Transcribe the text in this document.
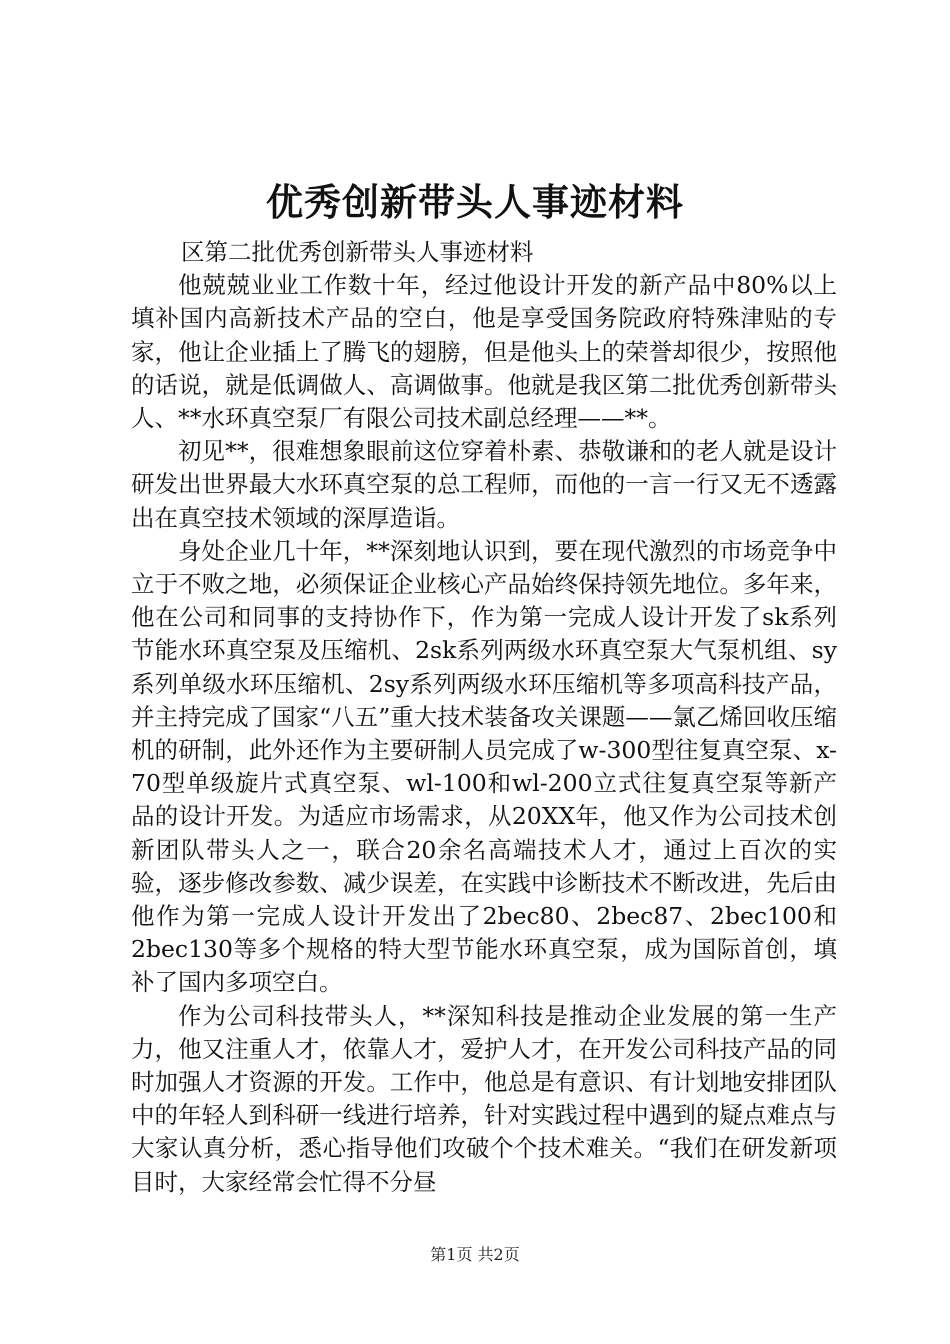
优秀创新带头人事迹材料

区第二批优秀创新带头人事迹材料

他兢兢业业工作数十年，经过他设计开发的新产品中80%以上填补国内高新技术产品的空白，他是享受国务院政府特殊津贴的专家，他让企业插上了腾飞的翅膀，但是他头上的荣誉却很少，按照他的话说，就是低调做人、高调做事。他就是我区第二批优秀创新带头人、**水环真空泵厂有限公司技术副总经理——**。

初见**，很难想象眼前这位穿着朴素、恭敬谦和的老人就是设计研发出世界最大水环真空泵的总工程师，而他的一言一行又无不透露出在真空技术领域的深厚造诣。

身处企业几十年，**深刻地认识到，要在现代激烈的市场竞争中立于不败之地，必须保证企业核心产品始终保持领先地位。多年来，他在公司和同事的支持协作下，作为第一完成人设计开发了sk系列节能水环真空泵及压缩机、2sk系列两级水环真空泵大气泵机组、sy系列单级水环压缩机、2sy系列两级水环压缩机等多项高科技产品，并主持完成了国家“八五”重大技术装备攻关课题——氯乙烯回收压缩机的研制，此外还作为主要研制人员完成了w-300型往复真空泵、x-70型单级旋片式真空泵、wl-100和wl-200立式往复真空泵等新产品的设计开发。为适应市场需求，从20XX年，他又作为公司技术创新团队带头人之一，联合20余名高端技术人才，通过上百次的实验，逐步修改参数、减少误差，在实践中诊断技术不断改进，先后由他作为第一完成人设计开发出了2bec80、2bec87、2bec100和2bec130等多个规格的特大型节能水环真空泵，成为国际首创，填补了国内多项空白。

作为公司科技带头人，**深知科技是推动企业发展的第一生产力，他又注重人才，依靠人才，爱护人才，在开发公司科技产品的同时加强人才资源的开发。工作中，他总是有意识、有计划地安排团队中的年轻人到科研一线进行培养，针对实践过程中遇到的疑点难点与大家认真分析，悉心指导他们攻破个个技术难关。“我们在研发新项目时，大家经常会忙得不分昼

第1页 共2页
